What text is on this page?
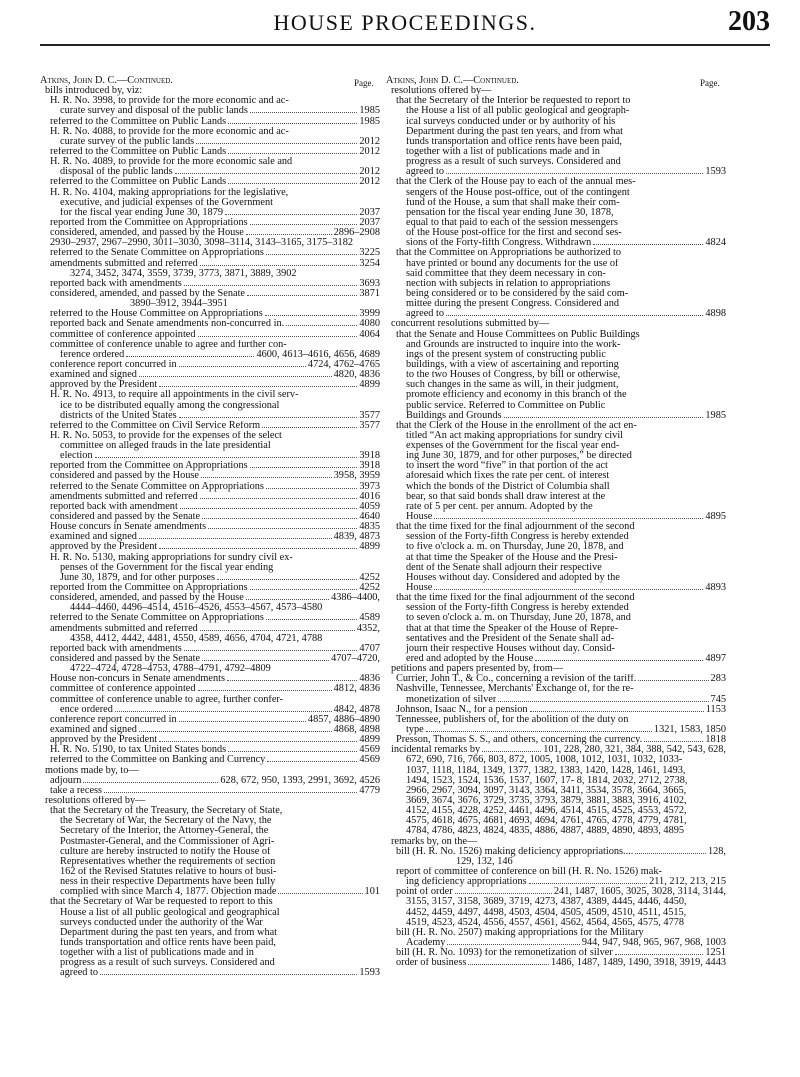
HOUSE PROCEEDINGS.	203
Page.	Page.
Atkins, John D. C.—Continued.
bills introduced by, viz:
H. R. No. 3998, to provide for the more economic and ac-
curate survey and disposal of the public lands	1985
referred to the Committee on Public Lands	1985
H. R. No. 4088, to provide for the more economic and ac-
curate survey of the public lands	2012
referred to the Committee on Public Lands	2012
H. R. No. 4089, to provide for the more economic sale and
disposal of the public lands	2012
referred to the Committee on Public Lands	2012
H. R. No. 4104, making appropriations for the legislative,
executive, and judicial expenses of the Government
for the fiscal year ending June 30, 1879	2037
reported from the Committee on Appropriations	2037
considered, amended, and passed by the House	2896–2908
2930–2937, 2967–2990, 3011–3030, 3098–3114, 3143–3165, 3175–3182
referred to the Senate Committee on Appropriations	3225
amendments submitted and referred	3254
3274, 3452, 3474, 3559, 3739, 3773, 3871, 3889, 3902
reported back with amendments	3693
considered, amended, and passed by the Senate	3871
3890–3912, 3944–3951
referred to the House Committee on Appropriations	3999
reported back and Senate amendments non-concurred in.	4080
committee of conference appointed	4064
committee of conference unable to agree and further con-
ference ordered	4600, 4613–4616, 4656, 4689
conference report concurred in	4724, 4762–4765
examined and signed	4820, 4836
approved by the President	4899
H. R. No. 4913, to require all appointments in the civil serv-
ice to be distributed equally among the congressional
districts of the United States	3577
referred to the Committee on Civil Service Reform	3577
H. R. No. 5053, to provide for the expenses of the select
committee on alleged frauds in the late presidential
election	3918
reported from the Committee on Appropriations	3918
considered and passed by the House	3958, 3959
referred to the Senate Committee on Appropriations	3973
amendments submitted and referred	4016
reported back with amendment	4059
considered and passed by the Senate	4640
House concurs in Senate amendments	4835
examined and signed	4839, 4873
approved by the President	4899
H. R. No. 5130, making appropriations for sundry civil ex-
penses of the Government for the fiscal year ending
June 30, 1879, and for other purposes	4252
reported from the Committee on Appropriations	4252
considered, amended, and passed by the House	4386–4400,
4444–4460, 4496–4514, 4516–4526, 4553–4567, 4573–4580
referred to the Senate Committee on Appropriations	4589
amendments submitted and referred	4352,
4358, 4412, 4442, 4481, 4550, 4589, 4656, 4704, 4721, 4788
reported back with amendments	4707
considered and passed by the Senate	4707–4720,
4722–4724, 4728–4753, 4788–4791, 4792–4809
House non-concurs in Senate amendments	4836
committee of conference appointed	4812, 4836
committee of conference unable to agree, further confer-
ence ordered	4842, 4878
conference report concurred in	4857, 4886–4890
examined and signed	4868, 4898
approved by the President	4899
H. R. No. 5190, to tax United States bonds	4569
referred to the Committee on Banking and Currency	4569
motions made by, to—
adjourn	628, 672, 950, 1393, 2991, 3692, 4526
take a recess	4779
resolutions offered by—
that the Secretary of the Treasury, the Secretary of State,
the Secretary of War, the Secretary of the Navy, the
Secretary of the Interior, the Attorney-General, the
Postmaster-General, and the Commissioner of Agri-
culture are hereby instructed to notify the House of
Representatives whether the requirements of section
162 of the Revised Statutes relative to hours of busi-
ness in their respective Departments have been fully
complied with since March 4, 1877. Objection made	101
that the Secretary of War be requested to report to this
House a list of all public geological and geographical
surveys conducted under the authority of the War
Department during the past ten years, and from what
funds transportation and office rents have been paid,
together with a list of publications made and in
progress as a result of such surveys. Considered and
agreed to	1593
Atkins, John D. C.—Continued.
resolutions offered by—
that the Secretary of the Interior be requested to report to
the House a list of all public geological and geograph-
ical surveys conducted under or by authority of his
Department during the past ten years, and from what
funds transportation and office rents have been paid,
together with a list of publications made and in
progress as a result of such surveys. Considered and
agreed to	1593
that the Clerk of the House pay to each of the annual mes-
sengers of the House post-office, out of the contingent
fund of the House, a sum that shall make their com-
pensation for the fiscal year ending June 30, 1878,
equal to that paid to each of the session messengers
of the House post-office for the first and second ses-
sions of the Forty-fifth Congress. Withdrawn	4824
that the Committee on Appropriations be authorized to
have printed or bound any documents for the use of
said committee that they deem necessary in con-
nection with subjects in relation to appropriations
being considered or to be considered by the said com-
mittee during the present Congress. Considered and
agreed to	4898
concurrent resolutions submitted by—
that the Senate and House Committees on Public Buildings
and Grounds are instructed to inquire into the work-
ings of the present system of constructing public
buildings, with a view of ascertaining and reporting
to the two Houses of Congress, by bill or otherwise,
such changes in the same as will, in their judgment,
promote efficiency and economy in this branch of the
public service. Referred to Committee on Public
Buildings and Grounds	1985
that the Clerk of the House in the enrollment of the act en-
titled “An act making appropriations for sundry civil
expenses of the Government for the fiscal year end-
ing June 30, 1879, and for other purposes,” be directed
to insert the word “five” in that portion of the act
aforesaid which fixes the rate per cent. of interest
which the bonds of the District of Columbia shall
bear, so that said bonds shall draw interest at the
rate of 5 per cent. per annum. Adopted by the
House	4895
that the time fixed for the final adjournment of the second
session of the Forty-fifth Congress is hereby extended
to five o'clock a. m. on Thursday, June 20, 1878, and
at that time the Speaker of the House and the Presi-
dent of the Senate shall adjourn their respective
Houses without day. Considered and adopted by the
House	4893
that the time fixed for the final adjournment of the second
session of the Forty-fifth Congress is hereby extended
to seven o'clock a. m. on Thursday, June 20, 1878, and
that at that time the Speaker of the House of Repre-
sentatives and the President of the Senate shall ad-
journ their respective Houses without day. Consid-
ered and adopted by the House	4897
petitions and papers presented by, from—
Currier, John T., & Co., concerning a revision of the tariff.	283
Nashville, Tennessee, Merchants' Exchange of, for the re-
monetization of silver	745
Johnson, Isaac N., for a pension	1153
Tennessee, publishers of, for the abolition of the duty on
type	1321, 1583, 1850
Presson, Thomas S. S., and others, concerning the currency.	1818
incidental remarks by	101, 228, 280, 321, 384, 388, 542, 543, 628,
672, 690, 716, 766, 803, 872, 1005, 1008, 1012, 1031, 1032, 1033-
1037, 1118, 1184, 1349, 1377, 1382, 1383, 1420, 1428, 1461, 1493,
1494, 1523, 1524, 1536, 1537, 1607, 17- 8, 1814, 2032, 2712, 2738,
2966, 2967, 3094, 3097, 3143, 3364, 3411, 3534, 3578, 3664, 3665,
3669, 3674, 3676, 3729, 3735, 3793, 3879, 3881, 3883, 3916, 4102,
4152, 4155, 4228, 4252, 4461, 4496, 4514, 4515, 4525, 4553, 4572,
4575, 4618, 4675, 4681, 4693, 4694, 4761, 4765, 4778, 4779, 4781,
4784, 4786, 4823, 4824, 4835, 4886, 4887, 4889, 4890, 4893, 4895
remarks by, on the—
bill (H. R. No. 1526) making deficiency appropriations....	128,
129, 132, 146
report of committee of conference on bill (H. R. No. 1526) mak-
ing deficiency appropriations	211, 212, 213, 215
point of order	241, 1487, 1605, 3025, 3028, 3114, 3144,
3155, 3157, 3158, 3689, 3719, 4273, 4387, 4389, 4445, 4446, 4450,
4452, 4459, 4497, 4498, 4503, 4504, 4505, 4509, 4510, 4511, 4515,
4519, 4523, 4524, 4556, 4557, 4561, 4562, 4564, 4565, 4575, 4778
bill (H. R. No. 2507) making appropriations for the Military
Academy	944, 947, 948, 965, 967, 968, 1003
bill (H. R. No. 1093) for the remonetization of silver	1251
order of business	1486, 1487, 1489, 1490, 3918, 3919, 4443
